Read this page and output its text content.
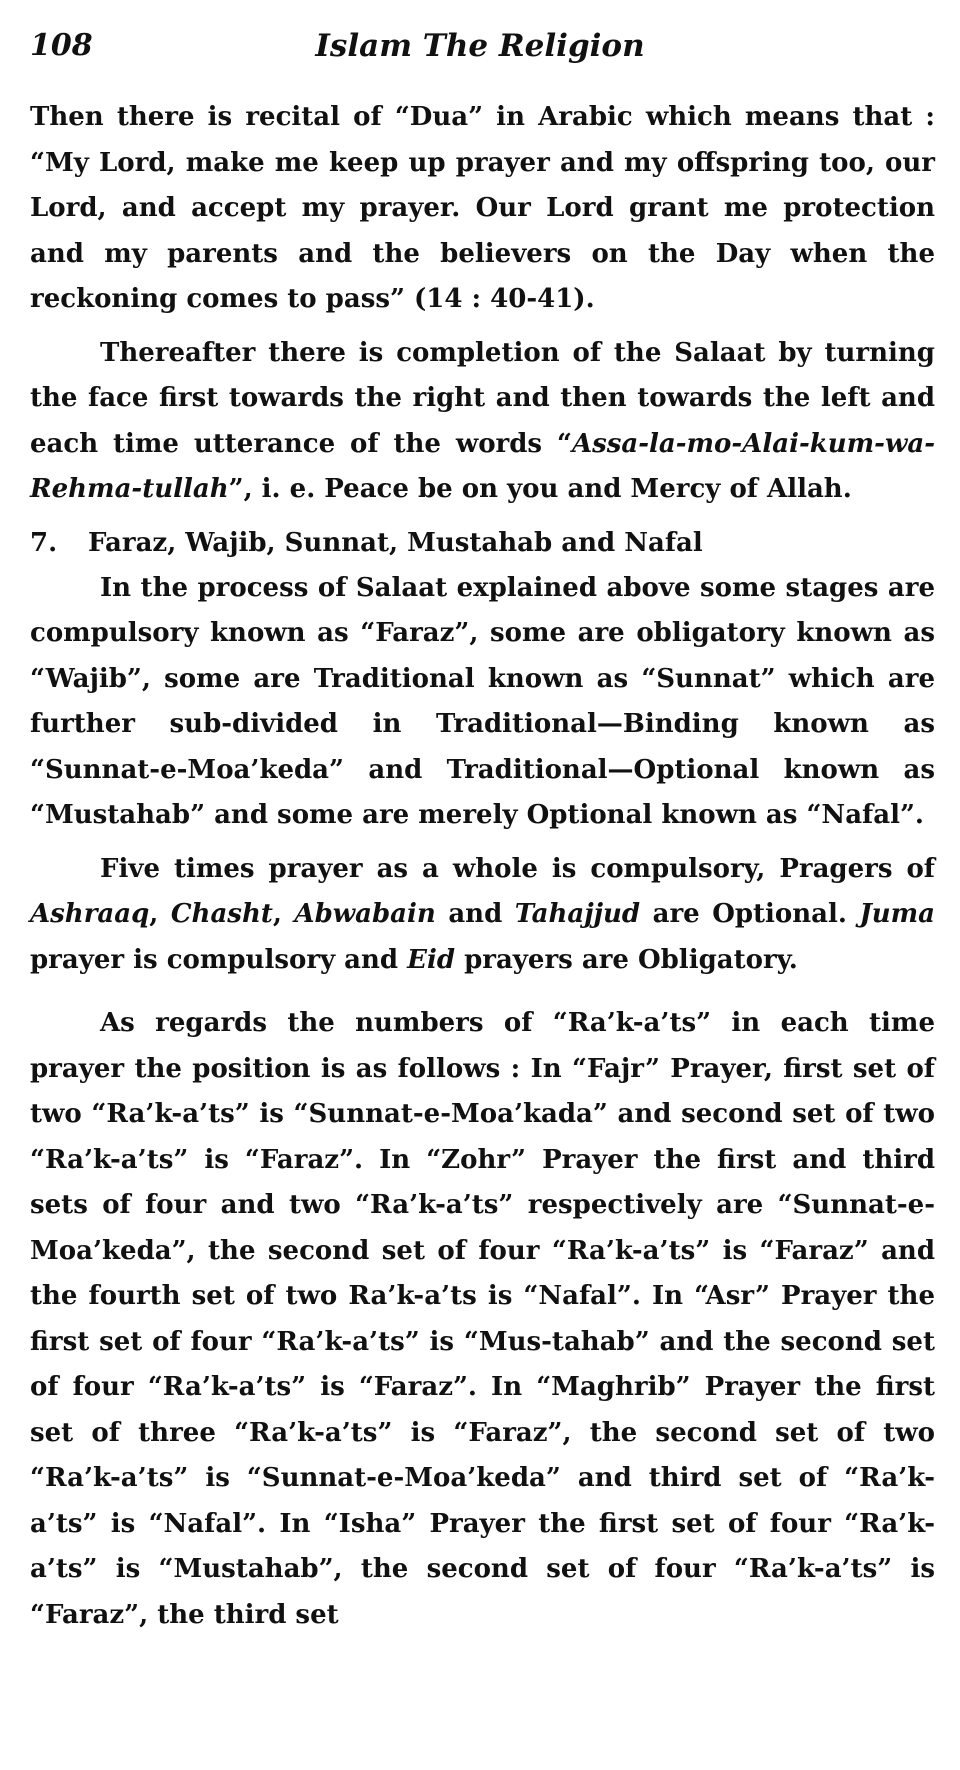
108	Islam The Religion

Then there is recital of “Dua” in Arabic which means that : “My Lord, make me keep up prayer and my offspring too, our Lord, and accept my prayer. Our Lord grant me protection and my parents and the believers on the Day when the reckoning comes to pass” (14 : 40-41).

Thereafter there is completion of the Salaat by turning the face first towards the right and then towards the left and each time utterance of the words “Assa-la-mo-Alai-kum-wa-Rehma-tullah”, i. e. Peace be on you and Mercy of Allah.

7. Faraz, Wajib, Sunnat, Mustahab and Nafal

In the process of Salaat explained above some stages are compulsory known as “Faraz”, some are obligatory known as “Wajib”, some are Traditional known as “Sunnat” which are further sub-divided in Traditional—Binding known as “Sunnat-e-Moa’keda” and Traditional—Optional known as “Mustahab” and some are merely Optional known as “Nafal”.

Five times prayer as a whole is compulsory, Pragers of Ashraaq, Chasht, Abwabain and Tahajjud are Optional. Juma prayer is compulsory and Eid prayers are Obligatory.

As regards the numbers of “Ra’k-a’ts” in each time prayer the position is as follows : In “Fajr” Prayer, first set of two “Ra’k-a’ts” is “Sunnat-e-Moa’kada” and second set of two “Ra’k-a’ts” is “Faraz”. In “Zohr” Prayer the first and third sets of four and two “Ra’k-a’ts” respectively are “Sunnat-e-Moa’keda”, the second set of four “Ra’k-a’ts” is “Faraz” and the fourth set of two Ra’k-a’ts is “Nafal”. In “Asr” Prayer the first set of four “Ra’k-a’ts” is “Mus-tahab” and the second set of four “Ra’k-a’ts” is “Faraz”. In “Maghrib” Prayer the first set of three “Ra’k-a’ts” is “Faraz”, the second set of two “Ra’k-a’ts” is “Sunnat-e-Moa’keda” and third set of “Ra’k-a’ts” is “Nafal”. In “Isha” Prayer the first set of four “Ra’k-a’ts” is “Mustahab”, the second set of four “Ra’k-a’ts” is “Faraz”, the third set
